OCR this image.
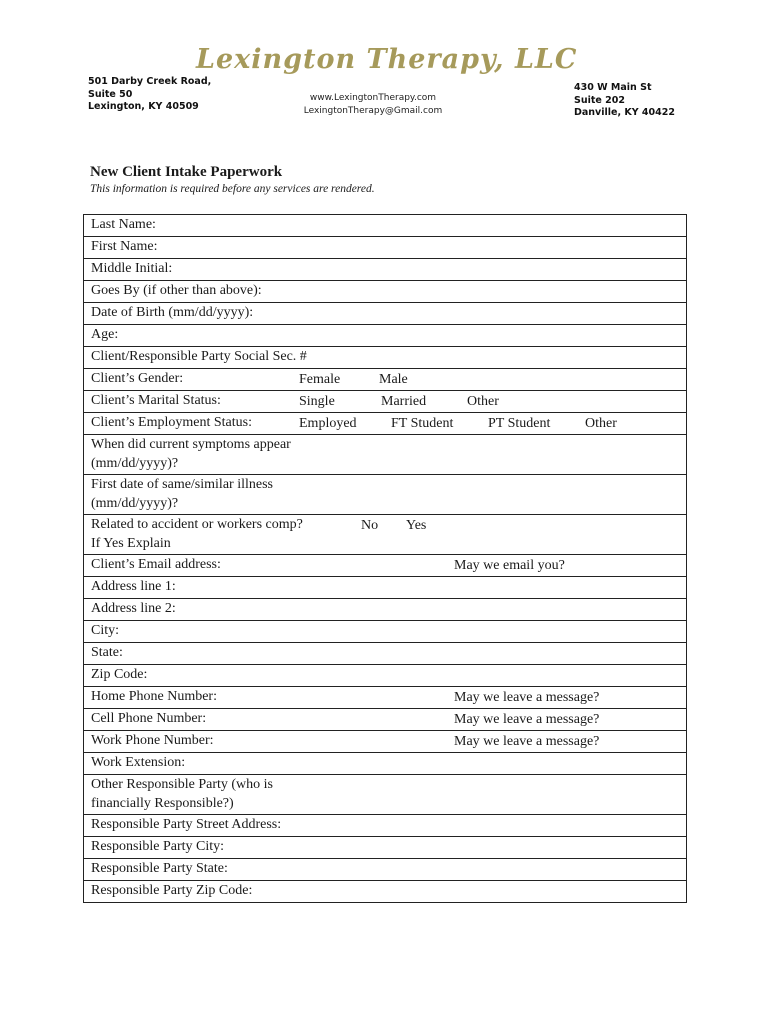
501 Darby Creek Road,
Suite 50
Lexington, KY 40509
Lexington Therapy, LLC
www.LexingtonTherapy.com
LexingtonTherapy@Gmail.com
430 W Main St
Suite 202
Danville, KY 40422
New Client Intake Paperwork
This information is required before any services are rendered.
Last Name:

First Name:

Middle Initial:

Goes By (if other than above):

Date of Birth (mm/dd/yyyy):

Age:

Client/Responsible Party Social Sec. #

Client’s Gender:	Female	Male

Client’s Marital Status:	Single	Married	Other

Client’s Employment Status:	Employed FT Student PT Student Other

When did current symptoms appear (mm/dd/yyyy)?

First date of same/similar illness (mm/dd/yyyy)?

Related to accident or workers comp?
If Yes Explain
No Yes

Client’s Email address:	May we email you?

Address line 1:

Address line 2:

City:

State:

Zip Code:

Home Phone Number:	May we leave a message?

Cell Phone Number:	May we leave a message?

Work Phone Number:	May we leave a message?

Work Extension:

Other Responsible Party (who is financially Responsible?)

Responsible Party Street Address:

Responsible Party City:

Responsible Party State:

Responsible Party Zip Code:
